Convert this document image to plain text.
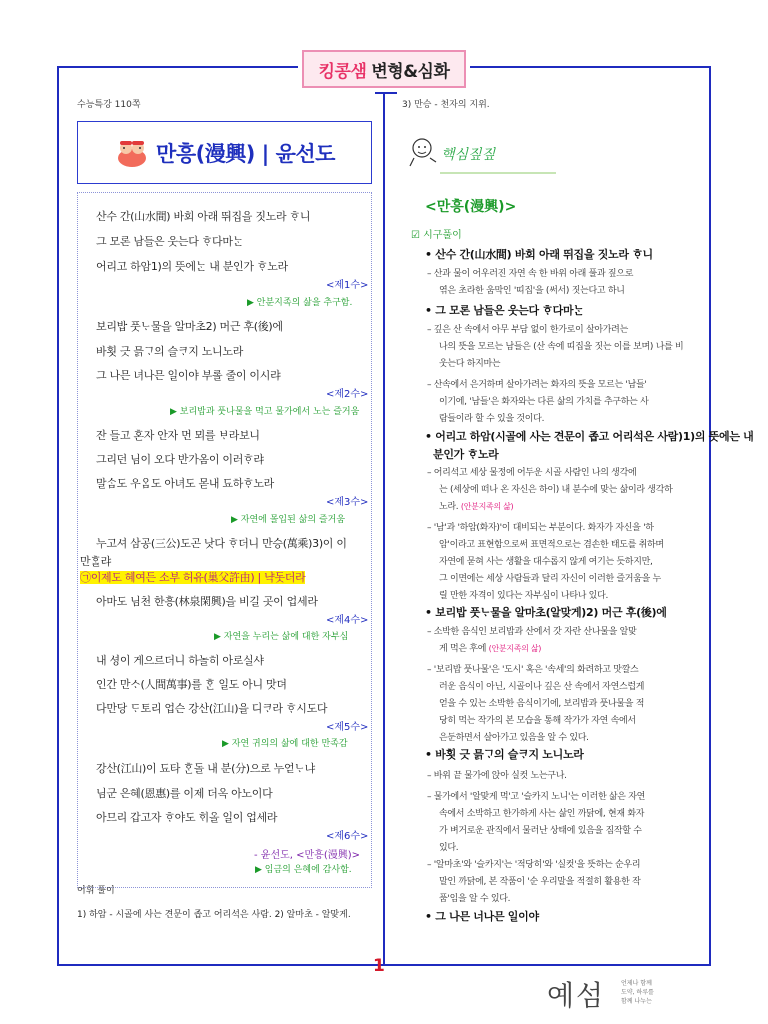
킹콩샘 변형&심화
수능특강 110쪽	3) 만승 - 천자의 지위.
만흥(漫興) | 윤선도
산수 간(山水間) 바회 아래 뛰집을 짓노라 ᄒᆞ니
그 모론 남들은 웃는다 ᄒᆞ다마ᄂᆞᆫ
어리고 하암1)의 뜻에ᄂᆞᆫ 내 분인가 ᄒᆞ노라
<제1수>
▶ 안분지족의 삶을 추구함.
보리밥 풋ᄂᆞ물을 알마초2) 머근 후(後)에
바횟 긋 믉ᄀᆞ의 슬ᄏᆞ지 노니노라
그 나믄 녀나믄 일이야 부롤 줄이 이시랴
<제2수>
▶ 보리밥과 풋나물을 먹고 물가에서 노는 즐거움
잔 들고 혼자 안자 먼 뫼를 ᄇᆞ라보니
그리던 님이 오다 반가옴이 이러ᄒᆞ랴
말ᄉᆞᆷ도 우ᄋᆞᆷ도 아녀도 몯내 됴하ᄒᆞ노라
<제3수>
▶ 자연에 몰입된 삶의 즐거움
누고셔 삼공(三公)도곤 낫다 ᄒᆞ더니 만승(萬乘)3)이 이
만ᄒᆞᆯ랴
㉠이제도 혜여든 소부 허유(巢父許由) | 냑돗더라
아마도 님천 한흥(林泉閑興)을 비길 곳이 업세라
<제4수>
▶ 자연을 누리는 삶에 대한 자부심
내 셩이 게으르더니 하놀히 아로실샤
인간 만ᄉᆞ(人間萬事)를 ᄒᆞᆫ 일도 아니 맛뎌
다만당 ᄃᆞ토리 업슨 강산(江山)을 디ᄏᆞ라 ᄒᆞ시도다
<제5수>
▶ 자연 귀의의 삶에 대한 만족감
강산(江山)이 됴타 ᄒᆞᆫ돌 내 분(分)으로 누얻ᄂᆞ냐
님군 은혜(恩惠)를 이제 더옥 아노이다
아므리 갑고자 ᄒᆞ야도 ᄒᆡ올 일이 업세라
<제6수>
- 윤선도, <만흥(漫興)>
▶ 임금의 은혜에 감사함.
어휘 풀이
1) 하암 - 시골에 사는 견문이 좁고 어리석은 사람. 2) 알마초 - 알맞게.
핵심짚짚
<만흥(漫興)>
☑ 시구풀이
• 산수 간(山水間) 바회 아래 뛰집을 짓노라 ᄒᆞ니
– 산과 물이 어우러진 자연 속 한 바위 아래 풀과 짚으로
엮은 초라한 움막인 '띠집'을 (써서) 짓는다고 하니
• 그 모론 남들은 웃는다 ᄒᆞ다마ᄂᆞᆫ
– 깊은 산 속에서 아무 부담 없이 한가로이 살아가려는
나의 뜻을 모르는 남들은 (산 속에 띠집을 짓는 이를 보며) 나를 비
웃는다 하지마는
– 산속에서 은거하며 살아가려는 화자의 뜻을 모르는 '남들'
이기에, '남들'은 화자와는 다른 삶의 가치를 추구하는 사
람들이라 할 수 있을 것이다.
• 어리고 하암(시골에 사는 견문이 좁고 어리석은 사람)1)의 뜻에는 내
분인가 ᄒᆞ노라
– 어리석고 세상 물정에 어두운 시골 사람인 나의 생각에
는 (세상에 떠나 온 자신은 하이) 내 분수에 맞는 삶이라 생각하
노라. (안분지족의 삶)
– '남'과 '하암(화자)'이 대비되는 부분이다. 화자가 자신을 '하
암'이라고 표현함으로써 표면적으로는 겸손한 태도를 취하며
자연에 묻혀 사는 생활을 대수롭지 않게 여기는 듯하지만,
그 이면에는 세상 사람들과 달리 자신이 이러한 즐거움을 누
릴 만한 자격이 있다는 자부심이 나타나 있다.
• 보리밥 풋ᄂᆞ물을 알마초(알맞게)2) 머근 후(後)에
– 소박한 음식인 보리밥과 산에서 갓 자란 산나물을 알맞
게 먹은 후에 (안분지족의 삶)
– '보리밥 풋나물'은 '도시' 혹은 '속세'의 화려하고 맛깔스
러운 음식이 아닌, 시골이나 깊은 산 속에서 자연스럽게
얻을 수 있는 소박한 음식이기에, 보리밥과 풋나물을 적
당히 먹는 작가의 본 모습을 통해 작가가 자연 속에서
은둔하면서 살아가고 있음을 알 수 있다.
• 바횟 긋 믉ᄀᆞ의 슬ᄏᆞ지 노니노라
– 바위 끝 물가에 앉아 실컷 노는구나.
– 물가에서 '알맞게 먹'고 '슬카지 노니'는 이러한 삶은 자연
속에서 소박하고 한가하게 사는 삶인 까닭에, 현재 화자
가 벼거로운 관직에서 물러난 상태에 있음을 짐작할 수
있다.
– '알마초'와 '슬카지'는 '적당히'와 '실컷'을 뜻하는 순우리
말인 까닭에, 본 작품이 '순 우리말을 적절히 활용한 작
품'임을 알 수 있다.
• 그 나믄 너나믄 일이야
1
예섬	언제나 함께
도약, 하루를
함께 나누는
